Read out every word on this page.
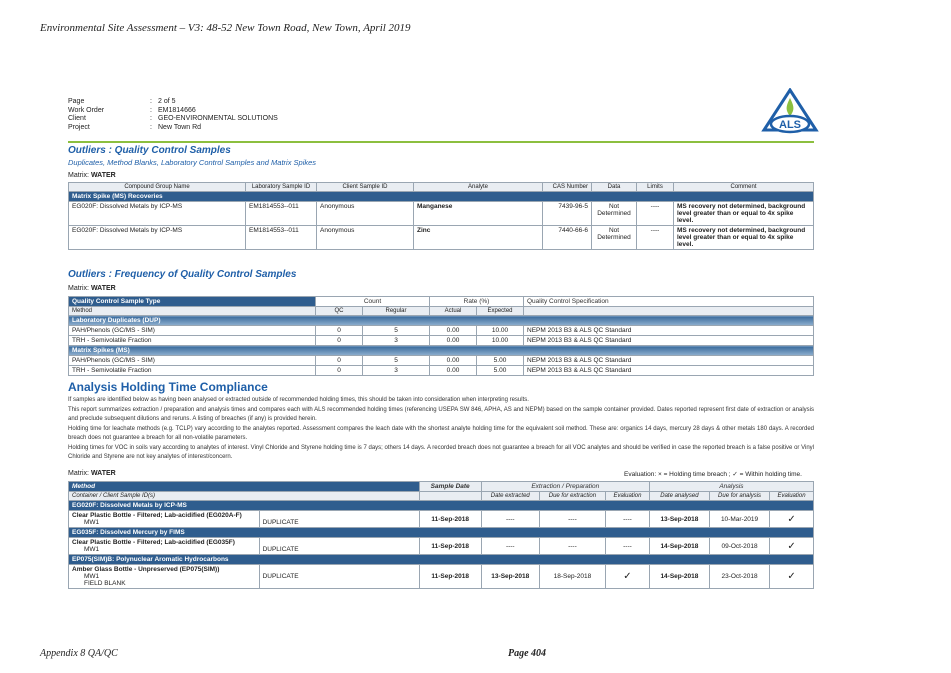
Environmental Site Assessment – V3: 48-52 New Town Road, New Town, April 2019
Page	: 2 of 5
Work Order	: EM1814666
Client	: GEO-ENVIRONMENTAL SOLUTIONS
Project	: New Town Rd	ALS
Outliers : Quality Control Samples
Duplicates, Method Blanks, Laboratory Control Samples and Matrix Spikes
Matrix: WATER
Compound Group Name	Laboratory Sample ID	Client Sample ID	Analyte	CAS Number	Data	Limits	Comment
Matrix Spike (MS) Recoveries							
EG020F: Dissolved Metals by ICP-MS	EM1814553--011	Anonymous	Manganese	7439-96-5	Not Determined	----	MS recovery not determined, background level greater than or equal to 4x spike level.
EG020F: Dissolved Metals by ICP-MS	EM1814553--011	Anonymous	Zinc	7440-66-6	Not Determined	----	MS recovery not determined, background level greater than or equal to 4x spike level.
Outliers : Frequency of Quality Control Samples
Matrix: WATER
Quality Control Sample Type	Count		Rate (%)		Quality Control Specification
Method	QC	Regular	Actual	Expected	
Laboratory Duplicates (DUP)					
PAH/Phenols (GC/MS - SIM)	0	5	0.00	10.00	NEPM 2013 B3 & ALS QC Standard
TRH - Semivolatile Fraction	0	3	0.00	10.00	NEPM 2013 B3 & ALS QC Standard
Matrix Spikes (MS)					
PAH/Phenols (GC/MS - SIM)	0	5	0.00	5.00	NEPM 2013 B3 & ALS QC Standard
TRH - Semivolatile Fraction	0	3	0.00	5.00	NEPM 2013 B3 & ALS QC Standard
Analysis Holding Time Compliance
If samples are identified below as having been analysed or extracted outside of recommended holding times, this should be taken into consideration when interpreting results.
This report summarizes extraction / preparation and analysis times and compares each with ALS recommended holding times (referencing USEPA SW 846, APHA, AS and NEPM) based on the sample container provided. Dates reported represent first date of extraction or analysis and preclude subsequent dilutions and reruns. A listing of breaches (if any) is provided herein.
Holding time for leachate methods (e.g. TCLP) vary according to the analytes reported. Assessment compares the leach date with the shortest analyte holding time for the equivalent soil method. These are: organics 14 days, mercury 28 days & other metals 180 days. A recorded breach does not guarantee a breach for all non-volatile parameters.
Holding times for VOC in soils vary according to analytes of interest. Vinyl Chloride and Styrene holding time is 7 days; others 14 days. A recorded breach does not guarantee a breach for all VOC analytes and should be verified in case the reported breach is a false positive or Vinyl Chloride and Styrene are not key analytes of interest/concern.
Matrix: WATER	Evaluation: × = Holding time breach ; ✓ = Within holding time.
Method		Sample Date	Extraction / Preparation			Analysis		
Container / Client Sample ID(s)			Date extracted	Due for extraction	Evaluation	Date analysed	Due for analysis	Evaluation
EG020F: Dissolved Metals by ICP-MS								

Clear Plastic Bottle - Filtered; Lab-acidified (EG020A-F)
MW1	DUPLICATE	11-Sep-2018	----	----	----	13-Sep-2018	10-Mar-2019	✓
EG035F: Dissolved Mercury by FIMS								

Clear Plastic Bottle - Filtered; Lab-acidified (EG035F)
MW1	DUPLICATE	11-Sep-2018	----	----	----	14-Sep-2018	09-Oct-2018	✓
EP075(SIM)B: Polynuclear Aromatic Hydrocarbons								

Amber Glass Bottle - Unpreserved (EP075(SIM))
MW1
FIELD BLANK	DUPLICATE	11-Sep-2018	13-Sep-2018	18-Sep-2018	✓	14-Sep-2018	23-Oct-2018	✓
Appendix 8 QA/QC	Page 404
